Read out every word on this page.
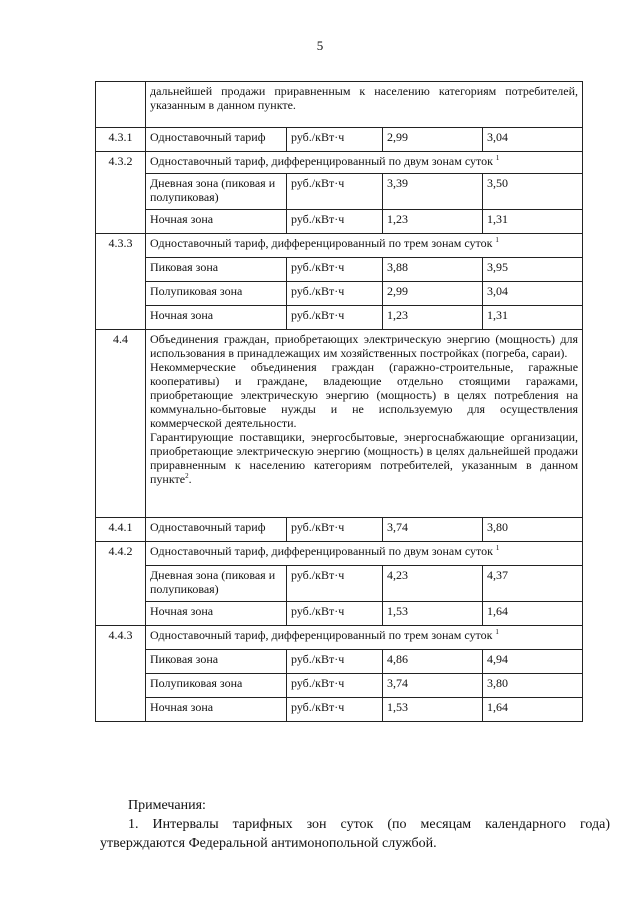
5

	дальнейшей продажи приравненным к населению категориям потребителей, указанным в данном пункте.			

4.3.1	Одноставочный тариф	руб./кВт·ч	2,99	3,04
4.3.2	Одноставочный тариф, дифференцированный по двум зонам суток $^1$
	Дневная зона (пиковая и полупиковая)	руб./кВт·ч	3,39	3,50
	Ночная зона	руб./кВт·ч	1,23	1,31
4.3.3	Одноставочный тариф, дифференцированный по трем зонам суток $^1$
	Пиковая зона	руб./кВт·ч	3,88	3,95
	Полупиковая зона	руб./кВт·ч	2,99	3,04
	Ночная зона	руб./кВт·ч	1,23	1,31
4.4	Объединения граждан, приобретающих электрическую энергию (мощность) для использования в принадлежащих им хозяйственных постройках (погреба, сараи).
Некоммерческие объединения граждан (гаражно-строительные, гаражные кооперативы) и граждане, владеющие отдельно стоящими гаражами, приобретающие электрическую энергию (мощность) в целях потребления на коммунально-бытовые нужды и не используемую для осуществления коммерческой деятельности.
Гарантирующие поставщики, энергосбытовые, энергоснабжающие организации, приобретающие электрическую энергию (мощность) в целях дальнейшей продажи приравненным к населению категориям потребителей, указанным в данном пункте$^2$.			

4.4.1	Одноставочный тариф	руб./кВт·ч	3,74	3,80
4.4.2	Одноставочный тариф, дифференцированный по двум зонам суток $^1$
	Дневная зона (пиковая и полупиковая)	руб./кВт·ч	4,23	4,37
	Ночная зона	руб./кВт·ч	1,53	1,64
4.4.3	Одноставочный тариф, дифференцированный по трем зонам суток $^1$
	Пиковая зона	руб./кВт·ч	4,86	4,94
	Полупиковая зона	руб./кВт·ч	3,74	3,80
	Ночная зона	руб./кВт·ч	1,53	1,64

Примечания:

1. Интервалы тарифных зон суток (по месяцам календарного года) утверждаются Федеральной антимонопольной службой.
